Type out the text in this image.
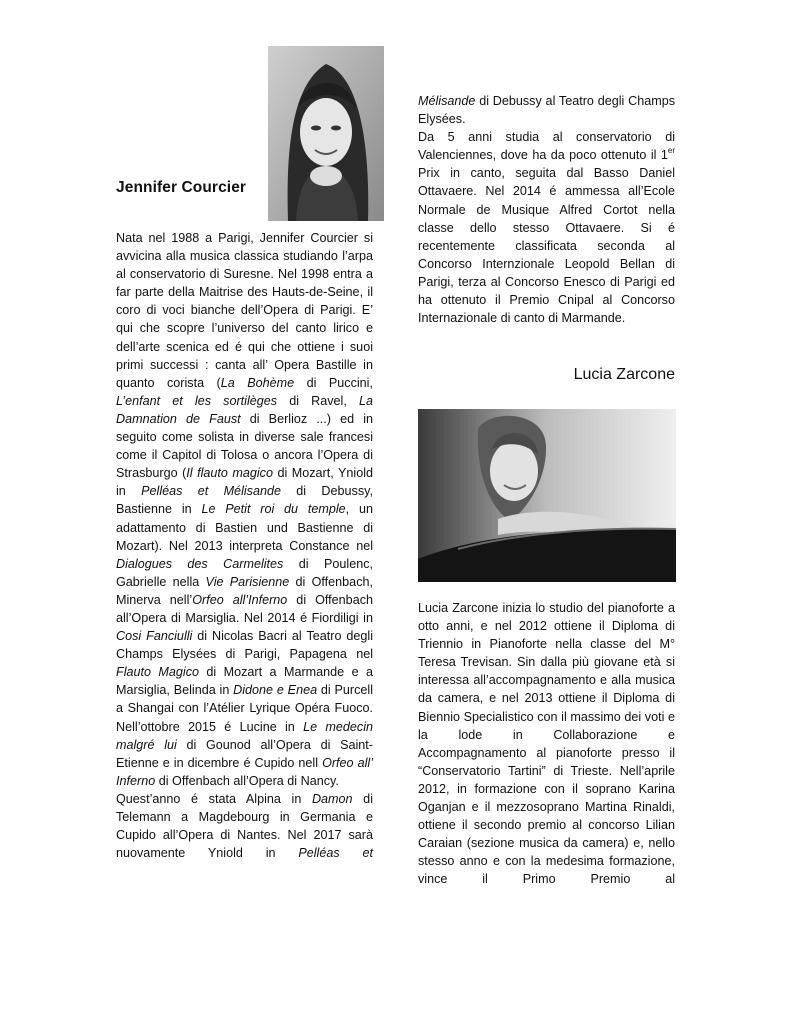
Jennifer Courcier

Nata nel 1988 a Parigi, Jennifer Courcier si avvicina alla musica classica studiando l’arpa al conservatorio di Suresne. Nel 1998 entra a far parte della Maitrise des Hauts-de-Seine, il coro di voci bianche dell’Opera di Parigi. E’ qui che scopre l’universo del canto lirico e dell’arte scenica ed é qui che ottiene i suoi primi successi : canta all’ Opera Bastille in quanto corista (La Bohème di Puccini, L’enfant et les sortilèges di Ravel, La Damnation de Faust di Berlioz ...) ed in seguito come solista in diverse sale francesi come il Capitol di Tolosa o ancora l’Opera di Strasburgo (Il flauto magico di Mozart, Yniold in Pelléas et Mélisande di Debussy, Bastienne in Le Petit roi du temple, un adattamento di Bastien und Bastienne di Mozart). Nel 2013 interpreta Constance nel Dialogues des Carmelites di Poulenc, Gabrielle nella Vie Parisienne di Offenbach, Minerva nell’Orfeo all’Inferno di Offenbach all’Opera di Marsiglia. Nel 2014 é Fiordiligi in Cosi Fanciulli di Nicolas Bacri al Teatro degli Champs Elysées di Parigi, Papagena nel Flauto Magico di Mozart a Marmande e a Marsiglia, Belinda in Didone e Enea di Purcell a Shangai con l’Atélier Lyrique Opéra Fuoco. Nell’ottobre 2015 é Lucine in Le medecin malgré lui di Gounod all’Opera di Saint-Etienne e in dicembre é Cupido nell Orfeo all’ Inferno di Offenbach all’Opera di Nancy.

Quest’anno é stata Alpina in Damon di Telemann a Magdebourg in Germania e Cupido all’Opera di Nantes. Nel 2017 sarà nuovamente Yniold in Pelléas et

Mélisande di Debussy al Teatro degli Champs Elysées.

Da 5 anni studia al conservatorio di Valenciennes, dove ha da poco ottenuto il 1er Prix in canto, seguita dal Basso Daniel Ottavaere. Nel 2014 é ammessa all’Ecole Normale de Musique Alfred Cortot nella classe dello stesso Ottavaere. Si é recentemente classificata seconda al Concorso Internzionale Leopold Bellan di Parigi, terza al Concorso Enesco di Parigi ed ha ottenuto il Premio Cnipal al Concorso Internazionale di canto di Marmande.

Lucia Zarcone

Lucia Zarcone inizia lo studio del pianoforte a otto anni, e nel 2012 ottiene il Diploma di Triennio in Pianoforte nella classe del M° Teresa Trevisan. Sin dalla più giovane età si interessa all’accompagnamento e alla musica da camera, e nel 2013 ottiene il Diploma di Biennio Specialistico con il massimo dei voti e la lode in Collaborazione e Accompagnamento al pianoforte presso il “Conservatorio Tartini” di Trieste. Nell’aprile 2012, in formazione con il soprano Karina Oganjan e il mezzosoprano Martina Rinaldi, ottiene il secondo premio al concorso Lilian Caraian (sezione musica da camera) e, nello stesso anno e con la medesima formazione, vince il Primo Premio al
